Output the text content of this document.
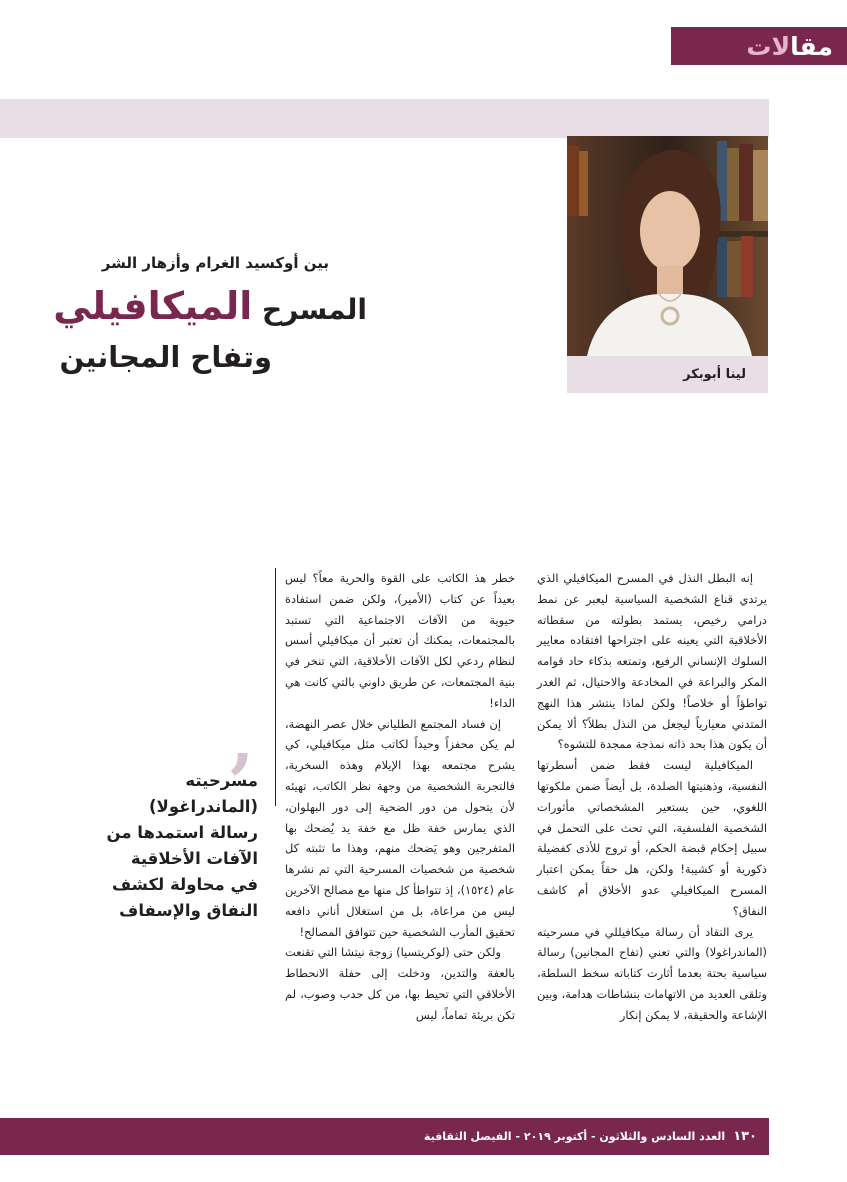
مقالات
لينا أبوبكر
بين أوكسيد الغرام وأزهار الشر
المسرح الميكافيلي
وتفاح المجانين
,
مسرحيته (الماندراغولا) رسالة استمدها من الآفات الأخلاقية في محاولة لكشف النفاق والإسفاف

إنه البطل النذل في المسرح الميكافيلي الذي يرتدي قناع الشخصية السياسية ليعبر عن نمط درامي رخيص، يستمد بطولته من سقطاته الأخلاقية التي يعينه على اجتراحها افتقاده معايير السلوك الإنساني الرفيع، وتمتعه بذكاء حاد قوامه المكر والبراعة في المخادعة والاحتيال، ثم الغدر تواطؤاً أو خلاصاً! ولكن لماذا ينتشر هذا النهج المتدني معيارياً ليجعل من النذل بطلاً؟ ألا يمكن أن يكون هذا بحد ذاته نمذجة ممجدة للتشوه؟

الميكافيلية ليست فقط ضمن أسطرتها النفسية، وذهنيتها الصلدة، بل أيضاً ضمن ملكوتها اللغوي، حين يستعير المشخصاتي مأثورات الشخصية الفلسفية، التي تحث على التحمل في سبيل إحكام قبضة الحكم، أو تروج للأذى كفضيلة ذكورية أو كشيبة! ولكن، هل حقاً يمكن اعتبار المسرح الميكافيلي عدو الأخلاق أم كاشف النفاق؟

يرى النقاد أن رسالة ميكافيللي في مسرحيته (الماندراغولا) والتي تعني (تفاح المجانين) رسالة سياسية بحتة بعدما أثارت كتاباته سخط السلطة، وتلقى العديد من الاتهامات بنشاطات هدامة، وبين الإشاعة والحقيقة، لا يمكن إنكار

خطر هذ الكاتب على القوة والحرية معاً؟ ليس بعيداً عن كتاب (الأمير)، ولكن ضمن استفادة حيوية من الآفات الاجتماعية التي تستبد بالمجتمعات، يمكنك أن تعتبر أن ميكافيلي أسس لنظام ردعي لكل الآفات الأخلاقية، التي تنخر في بنية المجتمعات، عن طريق داوني بالتي كانت هي الداء!

إن فساد المجتمع الطلياني خلال عصر النهضة، لم يكن محفزاً وحيداً لكاتب مثل ميكافيلي، كي يشرح مجتمعه بهذا الإيلام وهذه السخرية، فالتجربة الشخصية من وجهة نظر الكاتب، تهيئه لأن يتحول من دور الضحية إلى دور البهلوان، الذي يمارس خفة ظل مع خفة يد يُضحك بها المتفرجين وهو يَضحك منهم، وهذا ما تثبته كل شخصية من شخصيات المسرحية التي تم نشرها عام (١٥٢٤)، إذ تتواطأ كل منها مع مصالح الآخرين ليس من مراعاة، بل من استغلال أناني دافعه تحقيق المأرب الشخصية حين تتوافق المصالح!

ولكن حتى (لوكريتسيا) زوجة نيتشا التي تقنعت بالعفة والتدين، ودخلت إلى حفلة الانحطاط الأخلاقي التي تحيط بها، من كل حدب وصوب، لم تكن بريئة تماماً، ليس

١٣٠
العدد السادس والثلاثون - أكتوبر ٢٠١٩ -
الفيصل الثقافية
